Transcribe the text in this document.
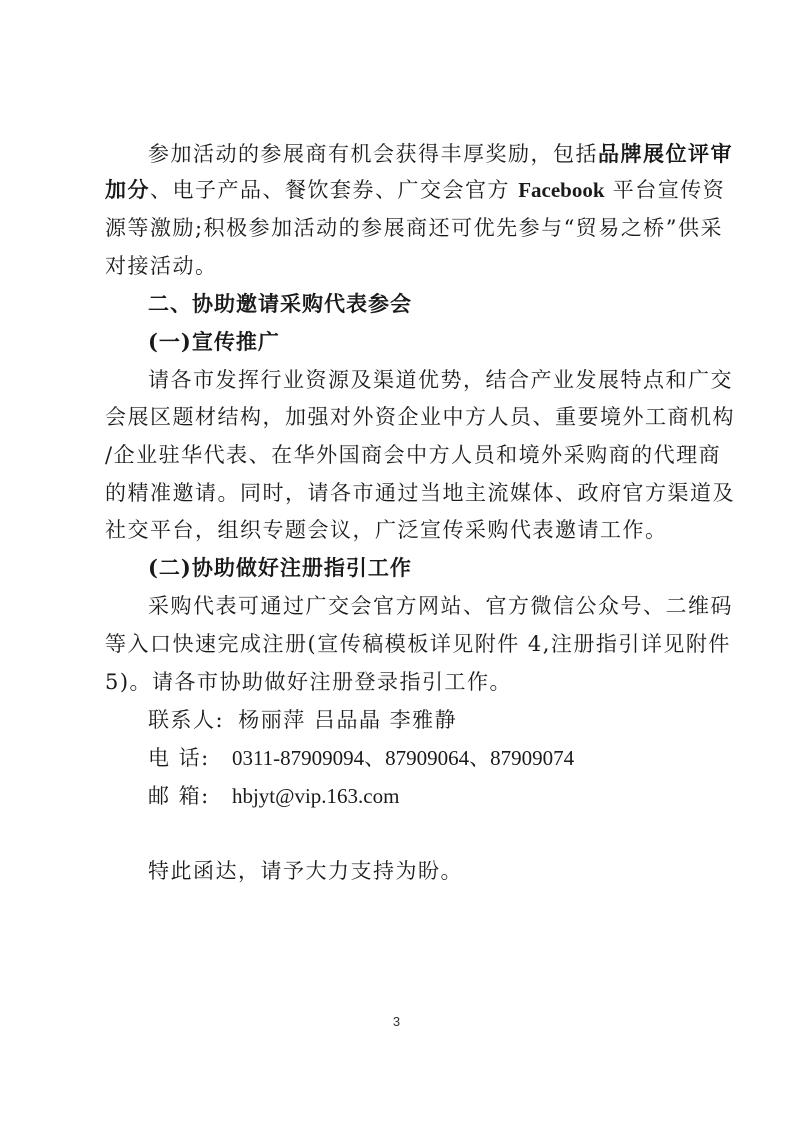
参加活动的参展商有机会获得丰厚奖励，包括品牌展位评审
加分、电子产品、餐饮套券、广交会官方 Facebook 平台宣传资
源等激励;积极参加活动的参展商还可优先参与“贸易之桥”供采
对接活动。
二、协助邀请采购代表参会
(一)宣传推广
请各市发挥行业资源及渠道优势，结合产业发展特点和广交
会展区题材结构，加强对外资企业中方人员、重要境外工商机构
/企业驻华代表、在华外国商会中方人员和境外采购商的代理商
的精准邀请。同时，请各市通过当地主流媒体、政府官方渠道及
社交平台，组织专题会议，广泛宣传采购代表邀请工作。
(二)协助做好注册指引工作
采购代表可通过广交会官方网站、官方微信公众号、二维码
等入口快速完成注册(宣传稿模板详见附件 4,注册指引详见附件
5)。请各市协助做好注册登录指引工作。
联系人: 杨丽萍 吕品晶 李雅静
电 话: 0311-87909094、87909064、87909074
邮 箱: hbjyt@vip.163.com
特此函达，请予大力支持为盼。
3
